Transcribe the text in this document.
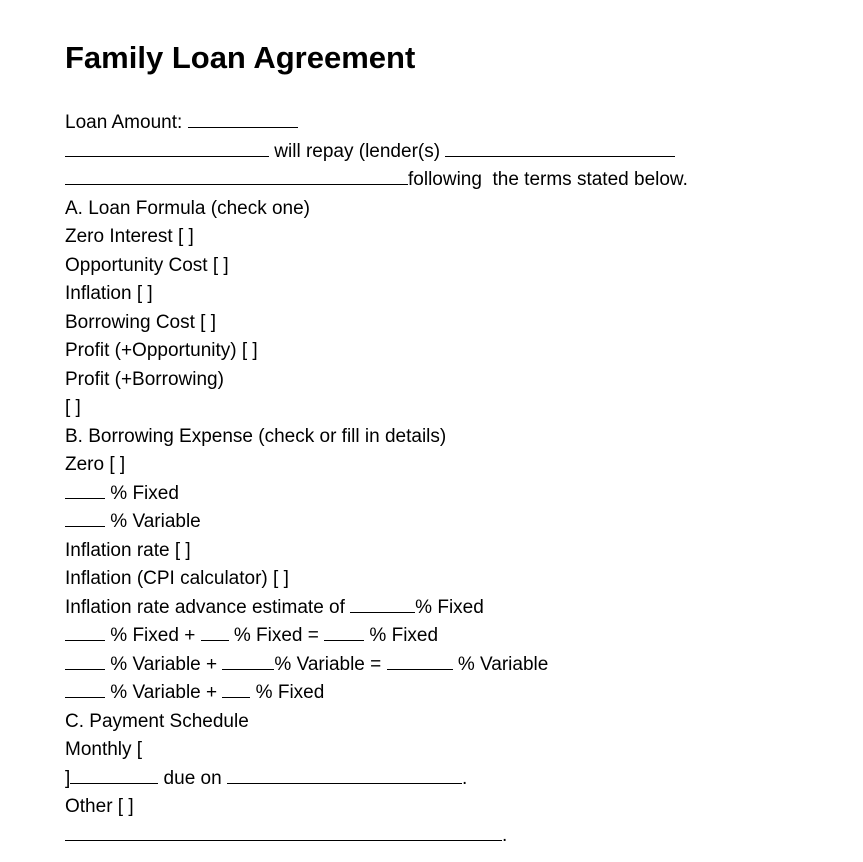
Family Loan Agreement
Loan Amount:
will repay (lender(s)
following  the terms stated below.
A. Loan Formula (check one)
Zero Interest [ ]
Opportunity Cost [ ]
Inflation [ ]
Borrowing Cost [ ]
Profit (+Opportunity) [ ]
Profit (+Borrowing)
[ ]
B. Borrowing Expense (check or fill in details)
Zero [ ]
% Fixed
% Variable
Inflation rate [ ]
Inflation (CPI calculator) [ ]
Inflation rate advance estimate of	% Fixed
% Fixed +  % Fixed =  % Fixed
% Variable +	% Variable =	% Variable
% Variable +  % Fixed
C. Payment Schedule
Monthly [
]	due on	.
Other [ ]
.
